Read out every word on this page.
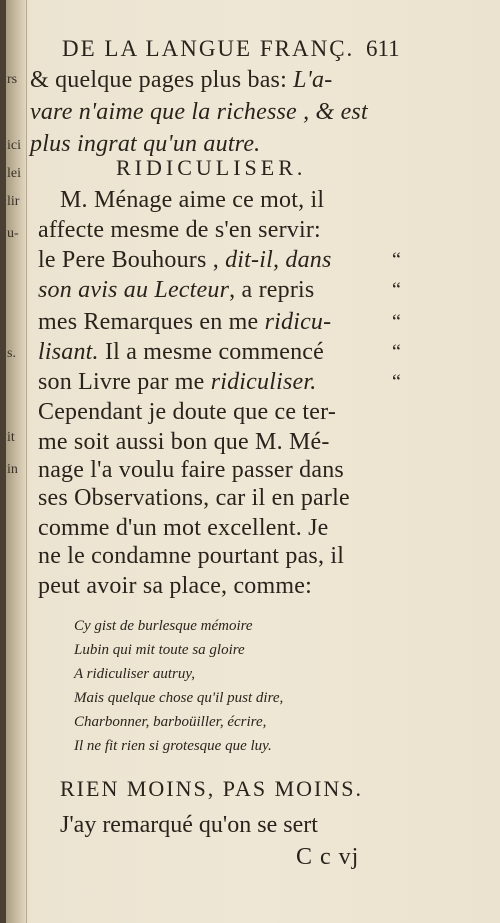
rs
ici
lei
lir
u-
s.
it
in
DE LA LANGUE FRANÇ. 611
& quelque pages plus bas: L'a-
vare n'aime que la richesse , & est
plus ingrat qu'un autre.
RIDICULISER.
M. Ménage aime ce mot, il
affecte mesme de s'en servir:
le Pere Bouhours , dit-il, dans	“
son avis au Lecteur, a repris	“
mes Remarques en me ridicu-	“
lisant. Il a mesme commencé	“
son Livre par me ridiculiser.	“
Cependant je doute que ce ter-
me soit aussi bon que M. Mé-
nage l'a voulu faire passer dans
ses Observations, car il en parle
comme d'un mot excellent. Je
ne le condamne pourtant pas, il
peut avoir sa place, comme:
Cy gist de burlesque mémoire
Lubin qui mit toute sa gloire
A ridiculiser autruy,
Mais quelque chose qu'il pust dire,
Charbonner, barboüiller, écrire,
Il ne fit rien si grotesque que luy.
RIEN MOINS, PAS MOINS.
J'ay remarqué qu'on se sert
C c vj
